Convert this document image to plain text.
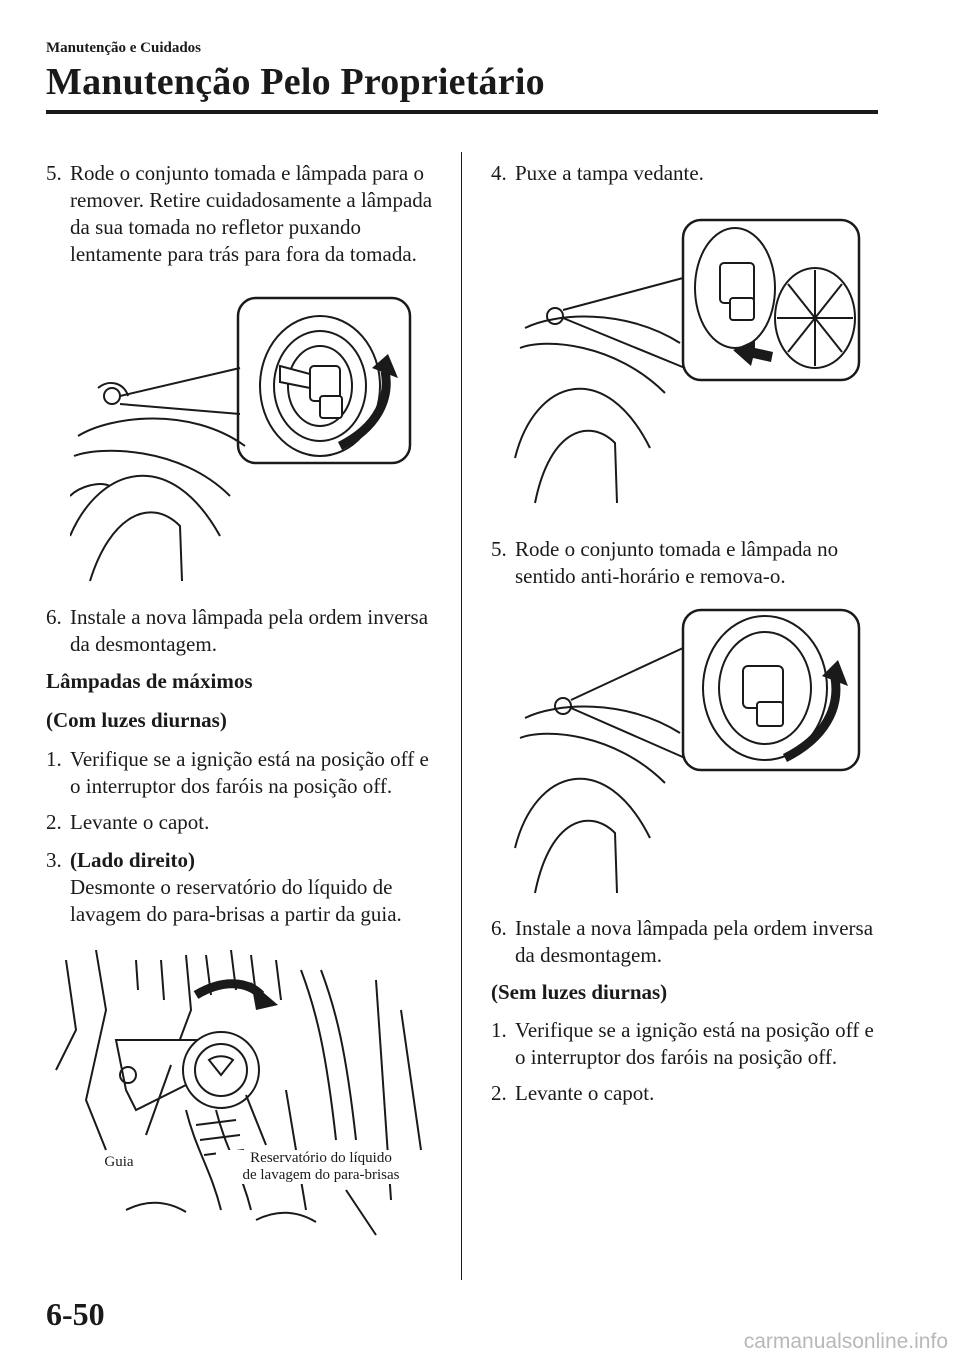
Manutenção e Cuidados
Manutenção Pelo Proprietário
5. Rode o conjunto tomada e lâmpada para o remover. Retire cuidadosamente a lâmpada da sua tomada no refletor puxando lentamente para trás para fora da tomada.
6. Instale a nova lâmpada pela ordem inversa da desmontagem.
Lâmpadas de máximos
(Com luzes diurnas)
1. Verifique se a ignição está na posição off e o interruptor dos faróis na posição off.
2. Levante o capot.
3. (Lado direito)
Desmonte o reservatório do líquido de lavagem do para-brisas a partir da guia.
Guia	Reservatório do líquido
de lavagem do para-brisas
4. Puxe a tampa vedante.
5. Rode o conjunto tomada e lâmpada no sentido anti-horário e remova-o.
6. Instale a nova lâmpada pela ordem inversa da desmontagem.
(Sem luzes diurnas)
1. Verifique se a ignição está na posição off e o interruptor dos faróis na posição off.
2. Levante o capot.
6-50
carmanualsonline.info
